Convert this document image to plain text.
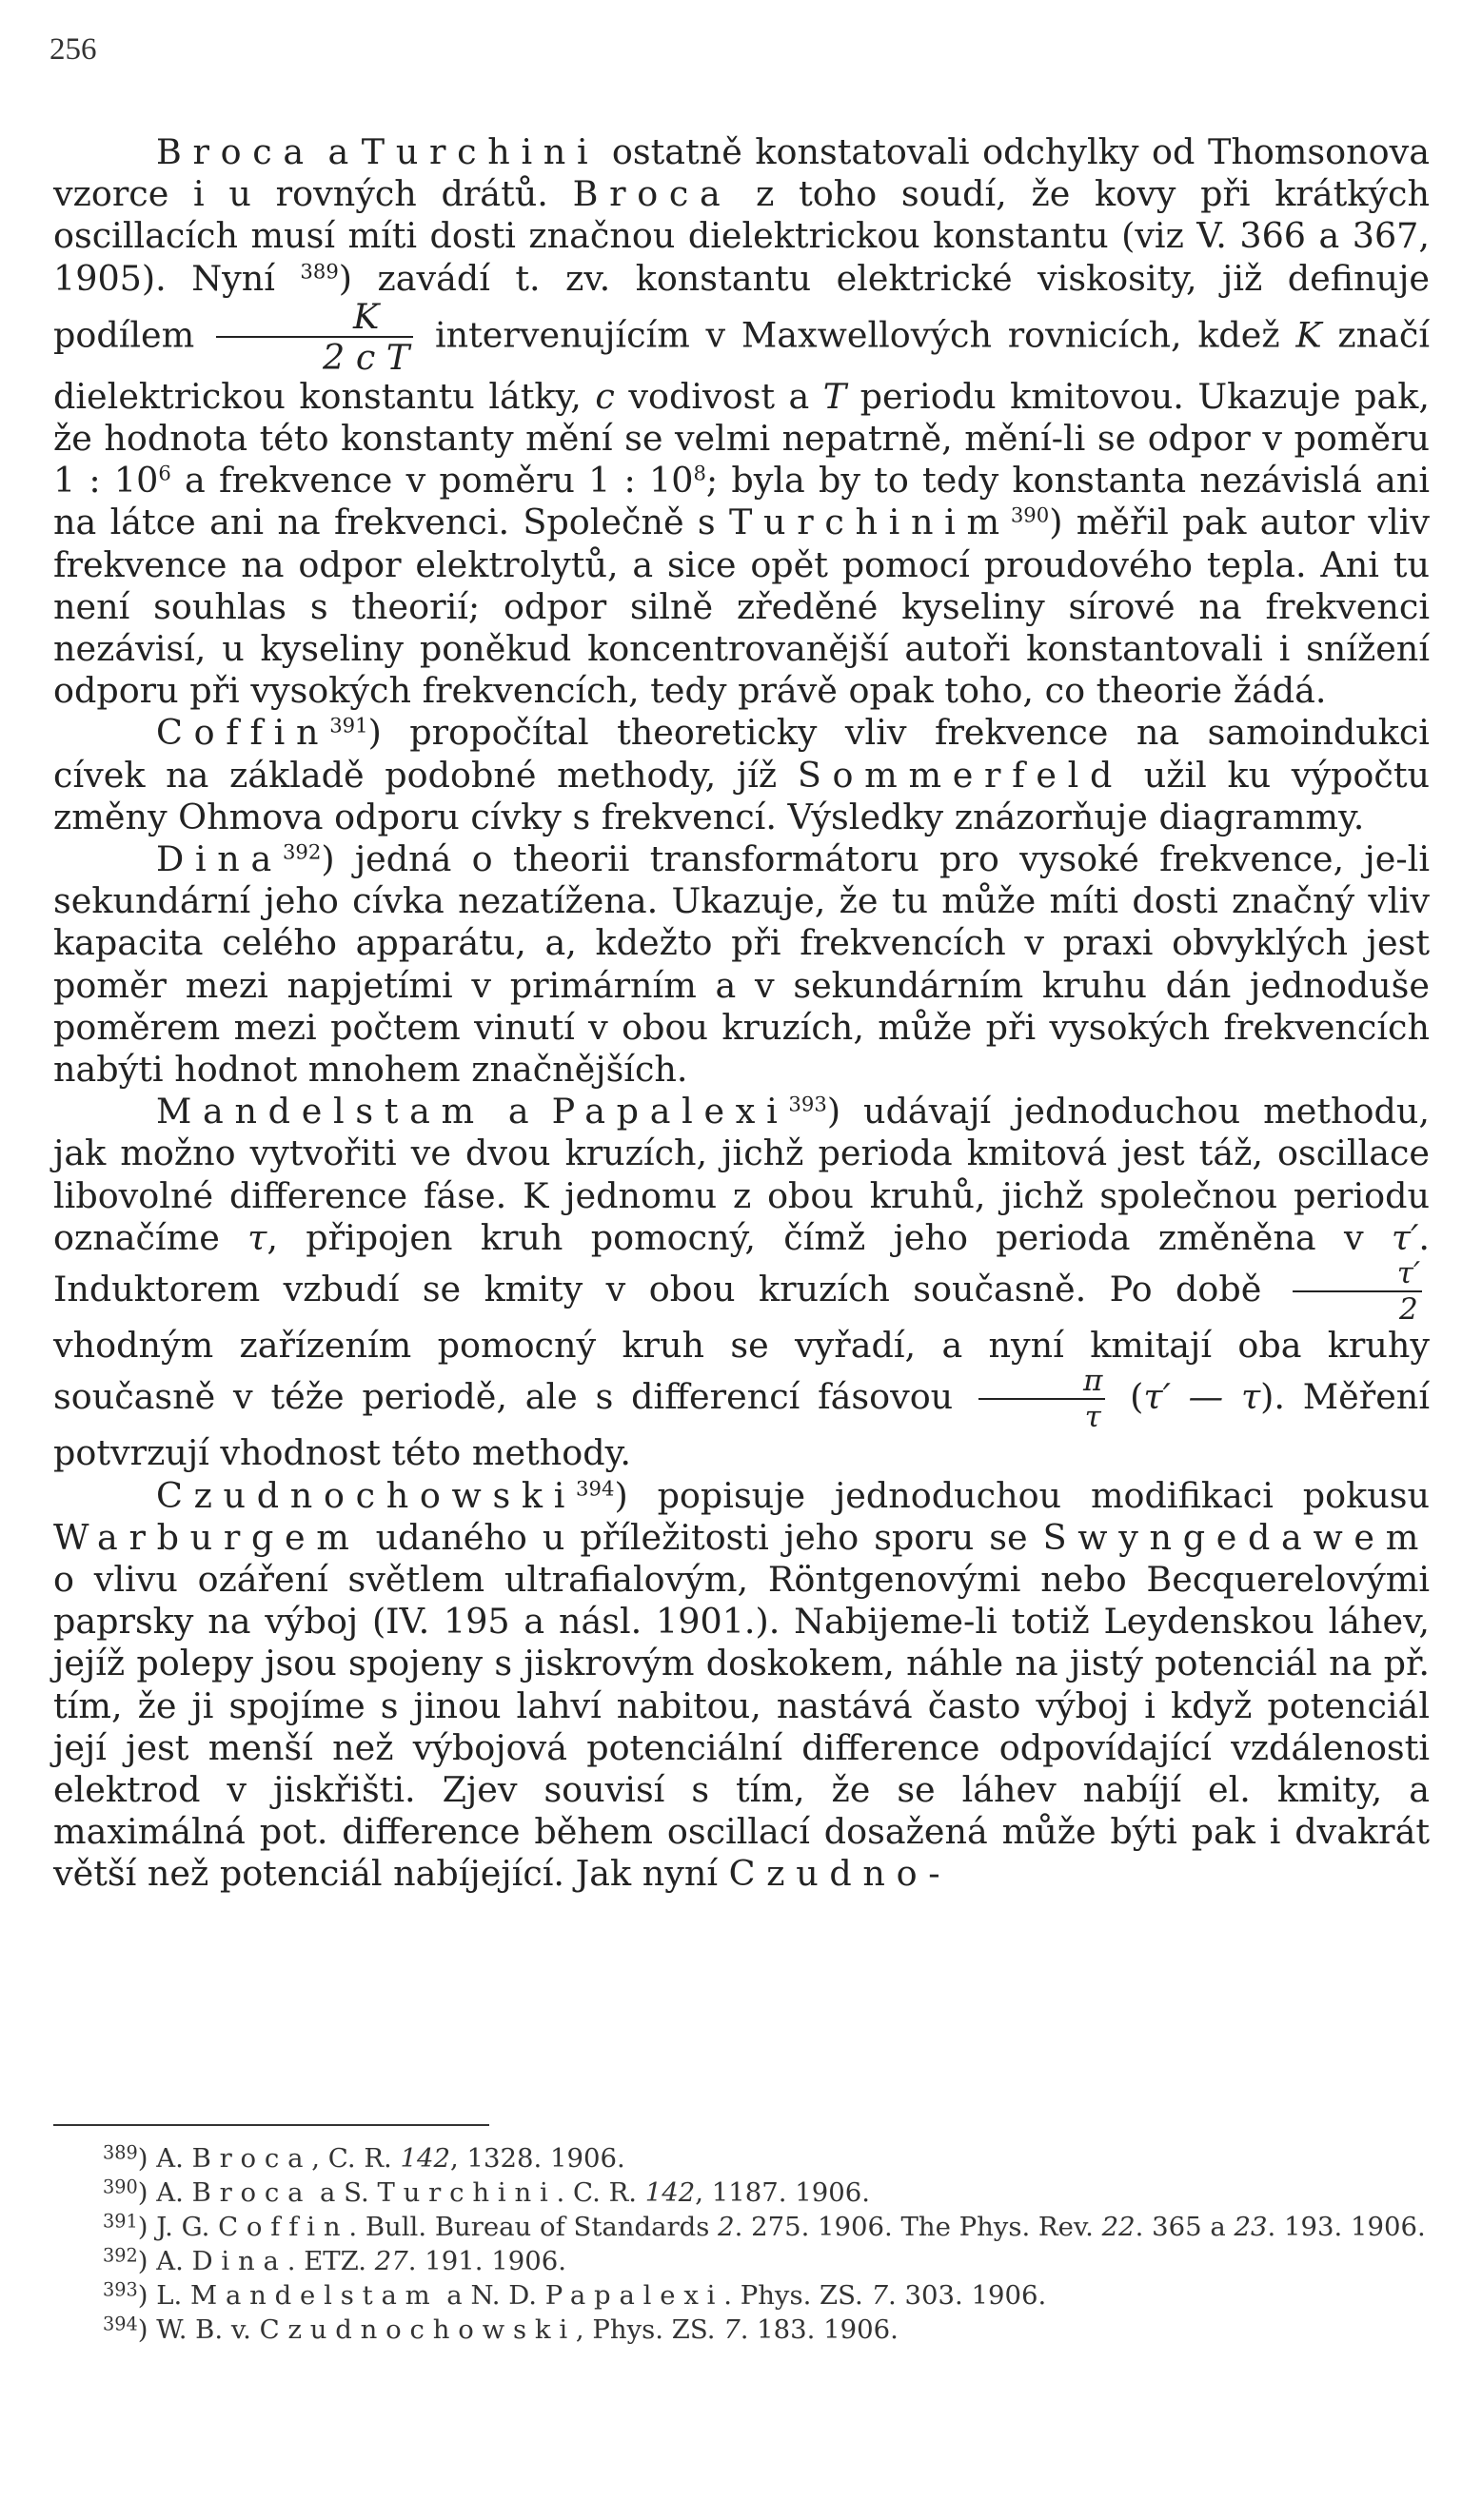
256

Broca a Turchini ostatně konstatovali odchylky od Thomsonova vzorce i u rovných drátů. Broca z toho soudí, že kovy při krátkých oscillacích musí míti dosti značnou dielektrickou konstantu (viz V. 366 a 367, 1905). Nyní $^{389}$) zavádí t. zv. konstantu elektrické viskosity, již definuje podílem $\frac{K}{\text{2 c T}}$ intervenujícím v Maxwellových rovnicích, kdež K značí dielektrickou konstantu látky, c vodivost a T periodu kmitovou. Ukazuje pak, že hodnota této konstanty mění se velmi nepatrně, mění-li se odpor v poměru 1 : $10^6$ a frekvence v poměru 1 : $10^8$; byla by to tedy konstanta nezávislá ani na látce ani na frekvenci. Společně s Turchinim$^{390}$) měřil pak autor vliv frekvence na odpor elektrolytů, a sice opět pomocí proudového tepla. Ani tu není souhlas s theorií; odpor silně zředěné kyseliny sírové na frekvenci nezávisí, u kyseliny poněkud koncentrovanější autoři konstantovali i snížení odporu při vysokých frekvencích, tedy právě opak toho, co theorie žádá.

Coffin$^{391}$) propočítal theoreticky vliv frekvence na samoindukci cívek na základě podobné methody, jíž Sommerfeld užil ku výpočtu změny Ohmova odporu cívky s frekvencí. Výsledky znázorňuje diagrammy.

Dina$^{392}$) jedná o theorii transformátoru pro vysoké frekvence, je-li sekundární jeho cívka nezatížena. Ukazuje, že tu může míti dosti značný vliv kapacita celého apparátu, a, kdežto při frekvencích v praxi obvyklých jest poměr mezi napjetími v primárním a v sekundárním kruhu dán jednoduše poměrem mezi počtem vinutí v obou kruzích, může při vysokých frekvencích nabýti hodnot mnohem značnějších.

Mandelstam a Papalexi$^{393}$) udávají jednoduchou methodu, jak možno vytvořiti ve dvou kruzích, jichž perioda kmitová jest táž, oscillace libovolné difference fáse. K jednomu z obou kruhů, jichž společnou periodu označíme τ, připojen kruh pomocný, čímž jeho perioda změněna v τ′. Induktorem vzbudí se kmity v obou kruzích současně. Po době $\frac{\tau'}{2}$
vhodným zařízením pomocný kruh se vyřadí, a nyní kmitají oba kruhy současně v téže periodě, ale s differencí fásovou $\frac{\pi}{\tau} (\tau'$ — τ). Měření potvrzují vhodnost této methody.

Czudnochowski$^{394}$) popisuje jednoduchou modifikaci pokusu Warburgem udaného u příležitosti jeho sporu se Swyngedawem o vlivu ozáření světlem ultrafialovým, Röntgenovými nebo Becquerelovými paprsky na výboj (IV. 195 a násl. 1901.). Nabijeme-li totiž Leydenskou láhev, jejíž polepy jsou spojeny s jiskrovým doskokem, náhle na jistý potenciál na př. tím, že ji spojíme s jinou lahví nabitou, nastává často výboj i když potenciál její jest menší než výbojová potenciální difference odpovídající vzdálenosti elektrod v jiskřišti. Zjev souvisí s tím, že se láhev nabíjí el. kmity, a maximálná pot. difference během oscillací dosažená může býti pak i dvakrát větší než potenciál nabíjející. Jak nyní Czudno-

$^{389}$) A. Broca, C. R. 142, 1328. 1906.

$^{390}$) A. Broca a S. Turchini. C. R. 142, 1187. 1906.

$^{391}$) J. G. Coffin. Bull. Bureau of Standards 2. 275. 1906. The Phys. Rev. 22. 365 a 23. 193. 1906.

$^{392}$) A. Dina. ETZ. 27. 191. 1906.

$^{393}$) L. Mandelstam a N. D. Papalexi. Phys. ZS. 7. 303. 1906.

$^{394}$) W. B. v. Czudnochowski, Phys. ZS. 7. 183. 1906.
